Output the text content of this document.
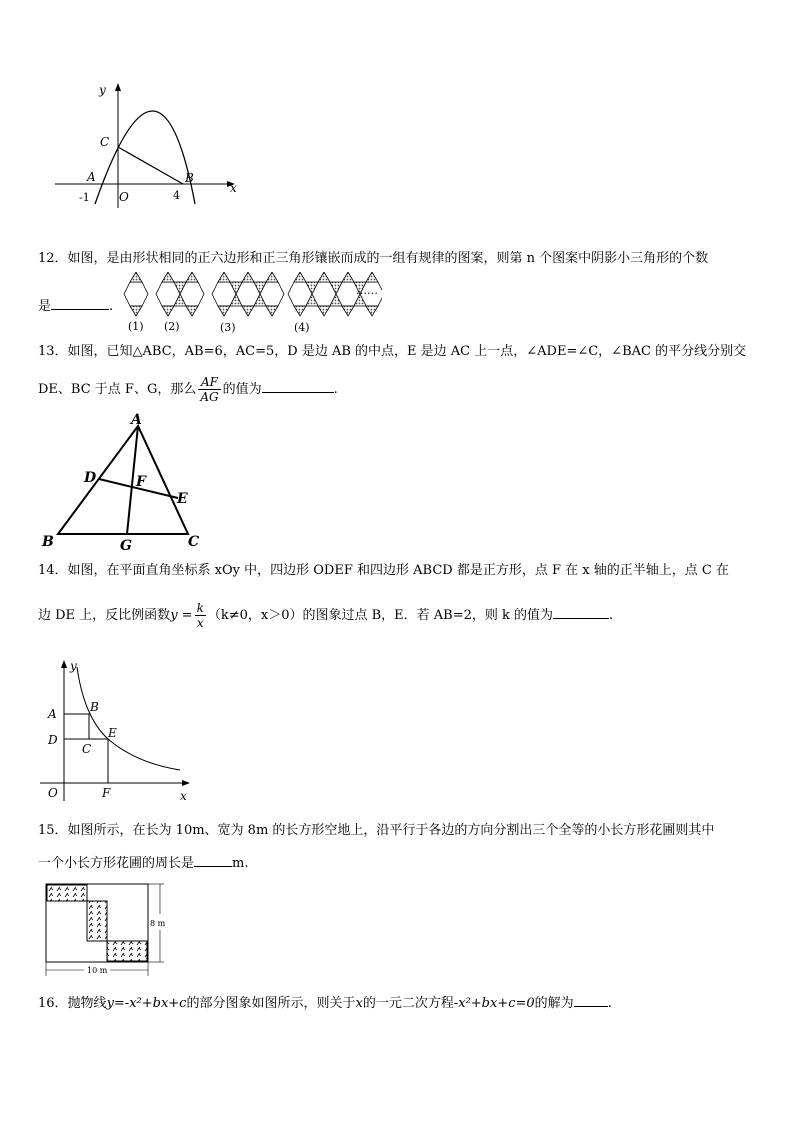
y
x
C
A	B
O
-1	4
12．如图，是由形状相同的正六边形和正三角形镶嵌而成的一组有规律的图案，则第 n 个图案中阴影小三角形的个数
是	.
……
(1) (2)	(3)	(4)
13．如图，已知△ABC，AB=6，AC=5，D 是边 AB 的中点，E 是边 AC 上一点，∠ADE=∠C，∠BAC 的平分线分别交
DE、BC 于点 F、G，那么 $\frac{AF}{AG}$ 的值为	.
A
B	C
D
E
F
G
14．如图，在平面直角坐标系 xOy 中，四边形 ODEF 和四边形 ABCD 都是正方形，点 F 在 x 轴的正半轴上，点 C 在
边 DE 上，反比例函数$y = \frac{k}{x} (k\ne 0$，x＞0）的图象过点 B，E．若 AB=2，则 k 的值为	.
y
x
A	B
C
D	E
O	F
15．如图所示，在长为 10m、宽为 8m 的长方形空地上，沿平行于各边的方向分割出三个全等的小长方形花圃则其中
一个小长方形花圃的周长是	m.
8 m
10 m
16．抛物线y=-x²+bx+c的部分图象如图所示，则关于x的一元二次方程-x²+bx+c=0的解为	.
